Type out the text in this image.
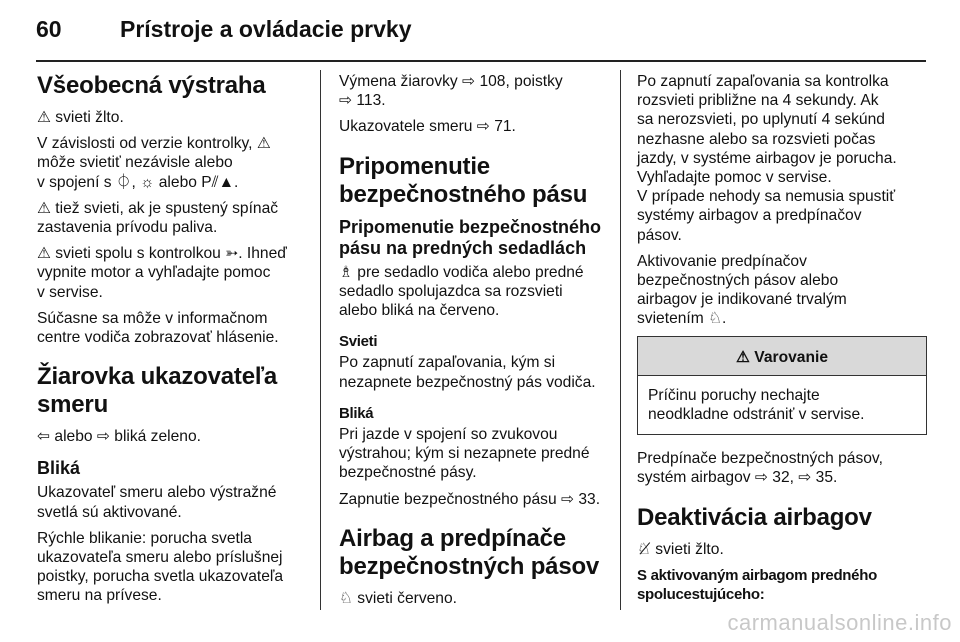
60	Prístroje a ovládacie prvky
Všeobecná výstraha

⚠ svieti žlto.

V závislosti od verzie kontrolky, ⚠
môže svietiť nezávisle alebo
v spojení s ⏀, ☼ alebo P⫽▲.

⚠ tiež svieti, ak je spustený spínač
zastavenia prívodu paliva.

⚠ svieti spolu s kontrolkou ➳. Ihneď
vypnite motor a vyhľadajte pomoc
v servise.

Súčasne sa môže v informačnom
centre vodiča zobrazovať hlásenie.

Žiarovka ukazovateľa
smeru

⇦ alebo ⇨ bliká zeleno.

Bliká

Ukazovateľ smeru alebo výstražné
svetlá sú aktivované.

Rýchle blikanie: porucha svetla
ukazovateľa smeru alebo príslušnej
poistky, porucha svetla ukazovateľa
smeru na prívese.

Výmena žiarovky ⇨ 108, poistky
⇨ 113.

Ukazovatele smeru ⇨ 71.

Pripomenutie
bezpečnostného pásu
Pripomenutie bezpečnostného
pásu na predných sedadlách

♗ pre sedadlo vodiča alebo predné
sedadlo spolujazdca sa rozsvieti
alebo bliká na červeno.

Svieti

Po zapnutí zapaľovania, kým si
nezapnete bezpečnostný pás vodiča.

Bliká

Pri jazde v spojení so zvukovou
výstrahou; kým si nezapnete predné
bezpečnostné pásy.

Zapnutie bezpečnostného pásu ⇨ 33.

Airbag a predpínače
bezpečnostných pásov

♘ svieti červeno.

Po zapnutí zapaľovania sa kontrolka
rozsvieti približne na 4 sekundy. Ak
sa nerozsvieti, po uplynutí 4 sekúnd
nezhasne alebo sa rozsvieti počas
jazdy, v systéme airbagov je porucha.
Vyhľadajte pomoc v servise.
V prípade nehody sa nemusia spustiť
systémy airbagov a predpínačov
pásov.

Aktivovanie predpínačov
bezpečnostných pásov alebo
airbagov je indikované trvalým
svietením ♘.

⚠ Varovanie
Príčinu poruchy nechajte
neodkladne odstrániť v servise.

Predpínače bezpečnostných pásov,
systém airbagov ⇨ 32, ⇨ 35.

Deaktivácia airbagov

♘̸ svieti žlto.

S aktivovaným airbagom predného
spolucestujúceho:
carmanualsonline.info
